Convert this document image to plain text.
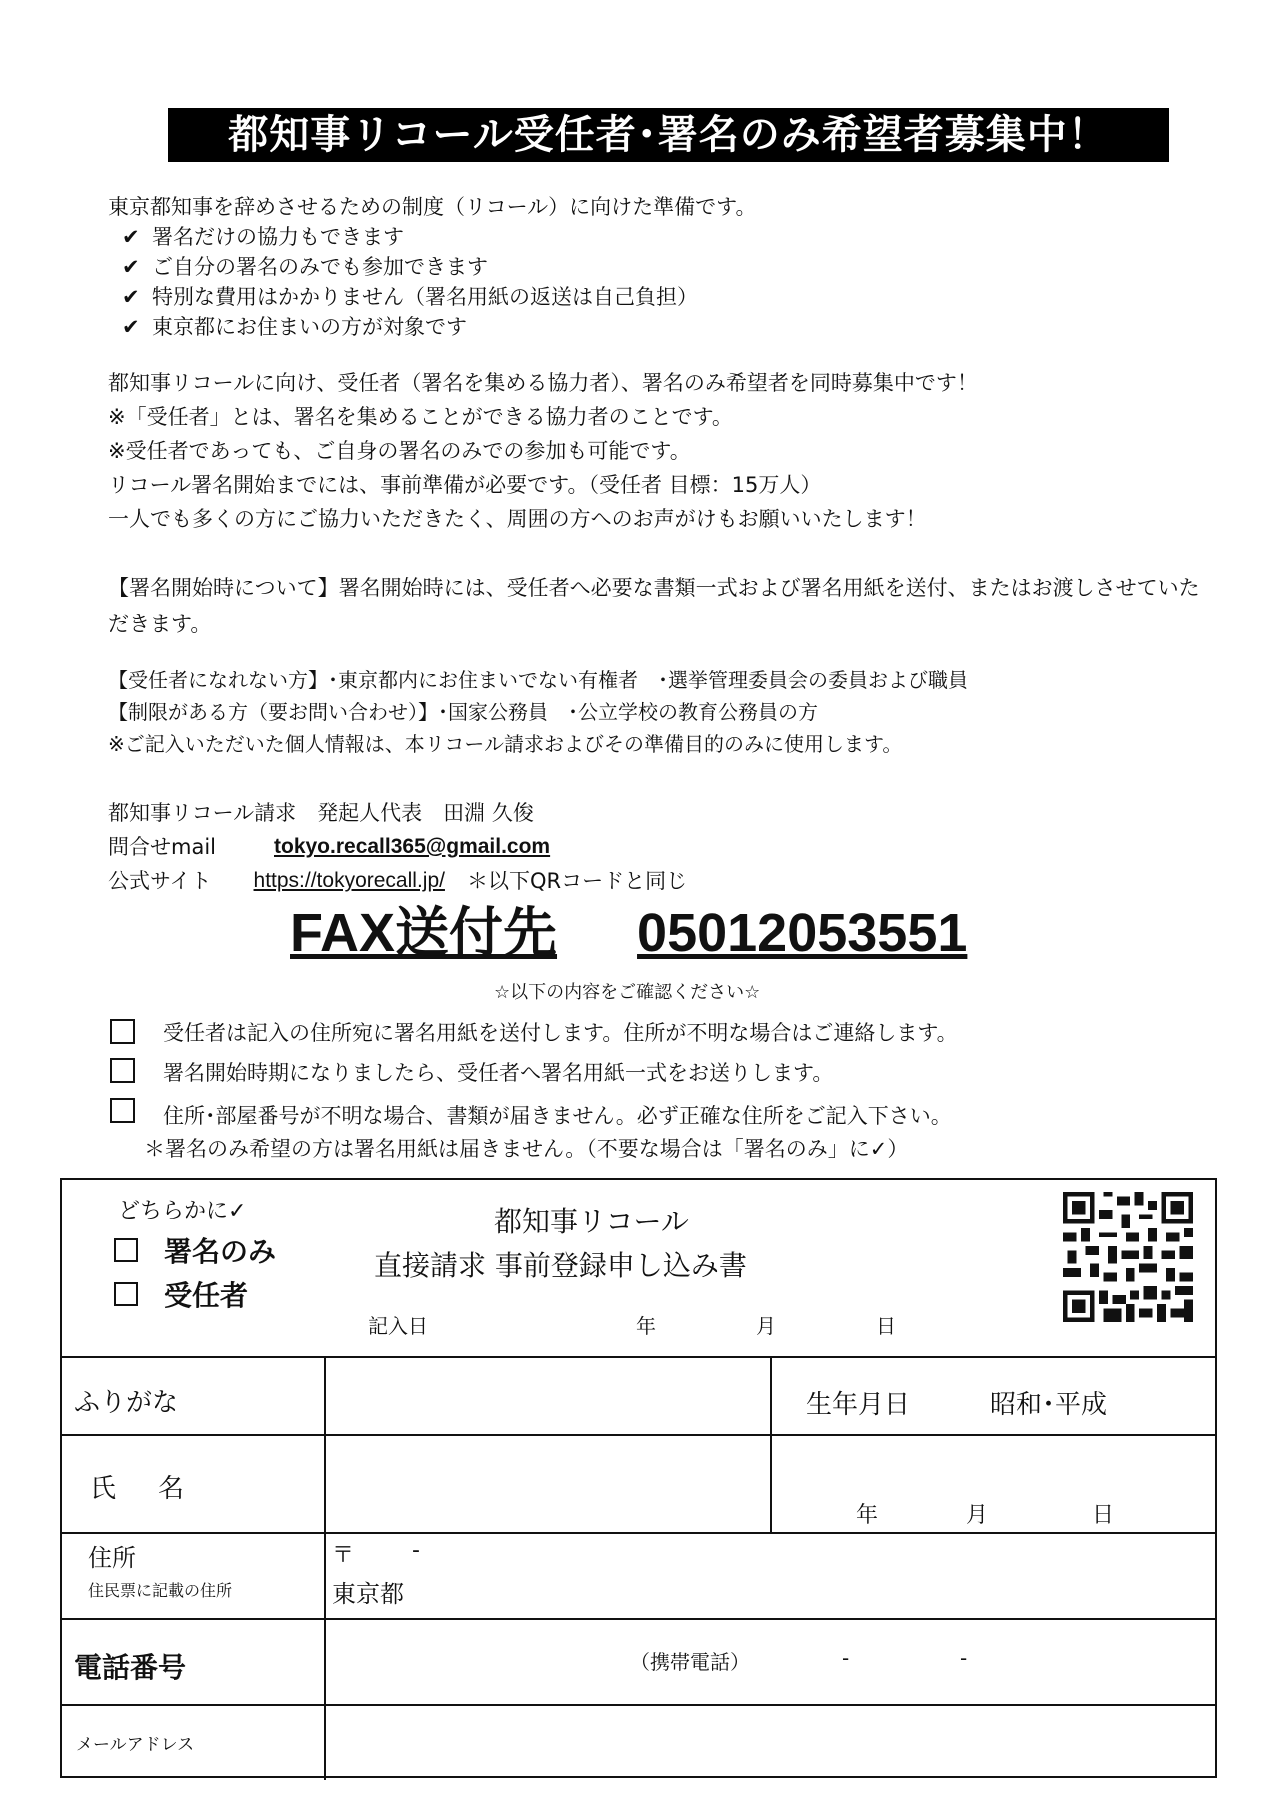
都知事リコール受任者･署名のみ希望者募集中！
東京都知事を辞めさせるための制度（リコール）に向けた準備です。
✔ 署名だけの協力もできます
✔ ご自分の署名のみでも参加できます
✔ 特別な費用はかかりません（署名用紙の返送は自己負担）
✔ 東京都にお住まいの方が対象です
都知事リコールに向け、受任者（署名を集める協力者）、署名のみ希望者を同時募集中です！
※「受任者」とは、署名を集めることができる協力者のことです。
※受任者であっても、ご自身の署名のみでの参加も可能です。
リコール署名開始までには、事前準備が必要です。（受任者 目標：15万人）
一人でも多くの方にご協力いただきたく、周囲の方へのお声がけもお願いいたします！
【署名開始時について】署名開始時には、受任者へ必要な書類一式および署名用紙を送付、またはお渡しさせていただきます。
【受任者になれない方】･東京都内にお住まいでない有権者　･選挙管理委員会の委員および職員
【制限がある方（要お問い合わせ）】･国家公務員　･公立学校の教育公務員の方
※ご記入いただいた個人情報は、本リコール請求およびその準備目的のみに使用します。
都知事リコール請求　発起人代表　田淵 久俊
問合せmail	tokyo.recall365@gmail.com
公式サイト https://tokyorecall.jp/ ＊以下QRコードと同じ
FAX送付先 05012053551
☆以下の内容をご確認ください☆
受任者は記入の住所宛に署名用紙を送付します。住所が不明な場合はご連絡します。
署名開始時期になりましたら、受任者へ署名用紙一式をお送りします。
住所･部屋番号が不明な場合、書類が届きません。必ず正確な住所をご記入下さい。
＊署名のみ希望の方は署名用紙は届きません。（不要な場合は「署名のみ」に✓）
どちらかに✓
署名のみ
受任者
都知事リコール
直接請求 事前登録申し込み書
記入日	年	月	日
ふりがな	生年月日	昭和･平成
氏　名
年	月	日
住所
住民票に記載の住所
〒	-
東京都
電話番号	（携帯電話）	-	-
メールアドレス
